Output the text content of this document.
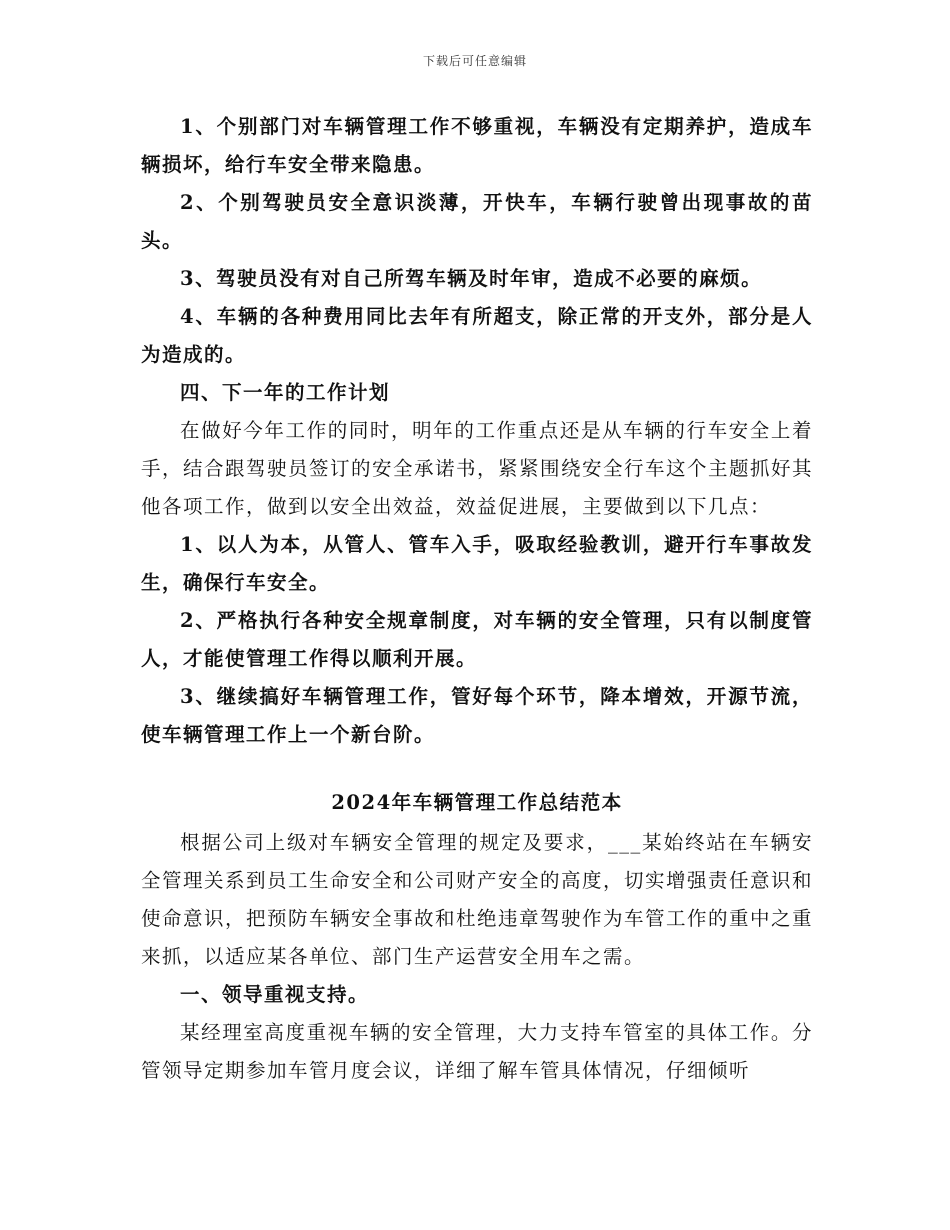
下载后可任意编辑

1、个别部门对车辆管理工作不够重视，车辆没有定期养护，造成车辆损坏，给行车安全带来隐患。

2、个别驾驶员安全意识淡薄，开快车，车辆行驶曾出现事故的苗头。

3、驾驶员没有对自己所驾车辆及时年审，造成不必要的麻烦。

4、车辆的各种费用同比去年有所超支，除正常的开支外，部分是人为造成的。

四、下一年的工作计划

在做好今年工作的同时，明年的工作重点还是从车辆的行车安全上着手，结合跟驾驶员签订的安全承诺书，紧紧围绕安全行车这个主题抓好其他各项工作，做到以安全出效益，效益促进展，主要做到以下几点：

1、以人为本，从管人、管车入手，吸取经验教训，避开行车事故发生，确保行车安全。

2、严格执行各种安全规章制度，对车辆的安全管理，只有以制度管人，才能使管理工作得以顺利开展。

3、继续搞好车辆管理工作，管好每个环节，降本增效，开源节流，使车辆管理工作上一个新台阶。

2024年车辆管理工作总结范本

根据公司上级对车辆安全管理的规定及要求，___某始终站在车辆安全管理关系到员工生命安全和公司财产安全的高度，切实增强责任意识和使命意识，把预防车辆安全事故和杜绝违章驾驶作为车管工作的重中之重来抓，以适应某各单位、部门生产运营安全用车之需。

一、领导重视支持。

某经理室高度重视车辆的安全管理，大力支持车管室的具体工作。分管领导定期参加车管月度会议，详细了解车管具体情况，仔细倾听
